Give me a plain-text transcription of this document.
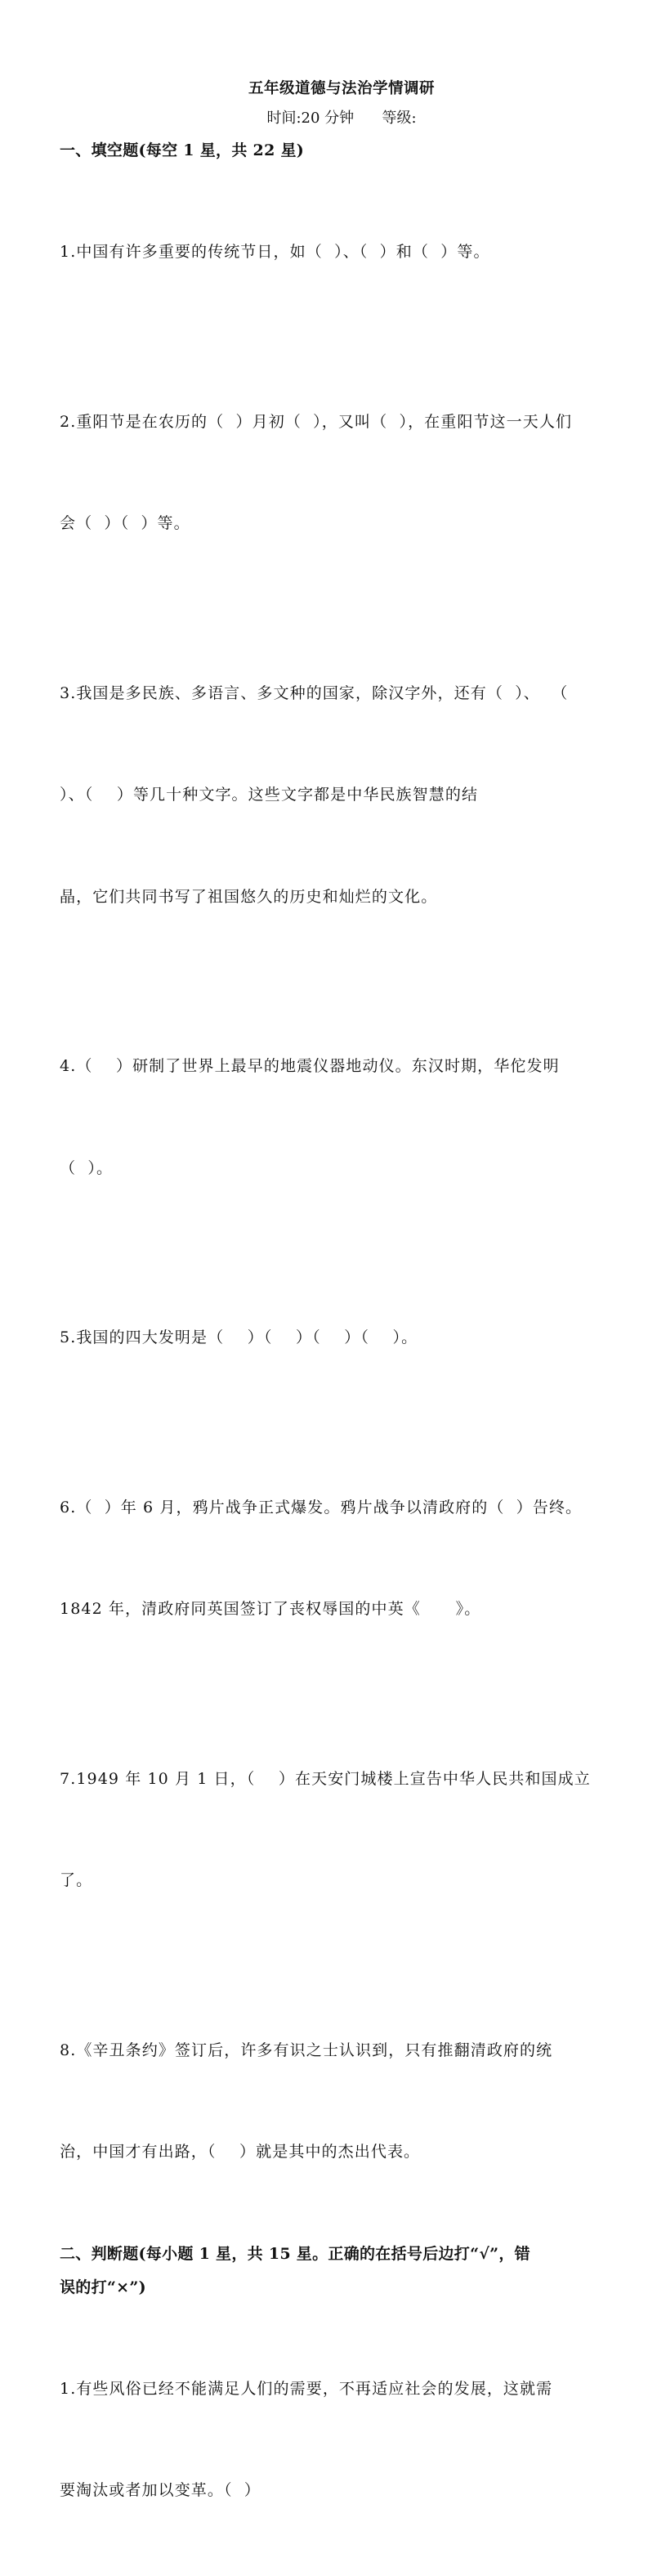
五年级道德与法治学情调研
时间:20 分钟      等级:
一、填空题(每空 1 星，共 22 星)

1.中国有许多重要的传统节日，如（  ）、（  ）和（  ）等。

2.重阳节是在农历的（  ）月初（  ），又叫（  ），在重阳节这一天人们

会（  ）（  ）等。

3.我国是多民族、多语言、多文种的国家，除汉字外，还有（  ）、  （

）、（    ）等几十种文字。这些文字都是中华民族智慧的结

晶，它们共同书写了祖国悠久的历史和灿烂的文化。

4.（    ）研制了世界上最早的地震仪器地动仪。东汉时期，华佗发明

（  ）。

5.我国的四大发明是（    ）（    ）（    ）（    ）。

6.（  ）年 6 月，鸦片战争正式爆发。鸦片战争以清政府的（  ）告终。

1842 年，清政府同英国签订了丧权辱国的中英《      》。

7.1949 年 10 月 1 日，（    ）在天安门城楼上宣告中华人民共和国成立

了。

8.《辛丑条约》签订后，许多有识之士认识到，只有推翻清政府的统

治，中国才有出路，（    ）就是其中的杰出代表。

二、判断题(每小题 1 星，共 15 星。正确的在括号后边打“√”，错
误的打“×”)

1.有些风俗已经不能满足人们的需要，不再适应社会的发展，这就需

要淘汰或者加以变革。（  ）
